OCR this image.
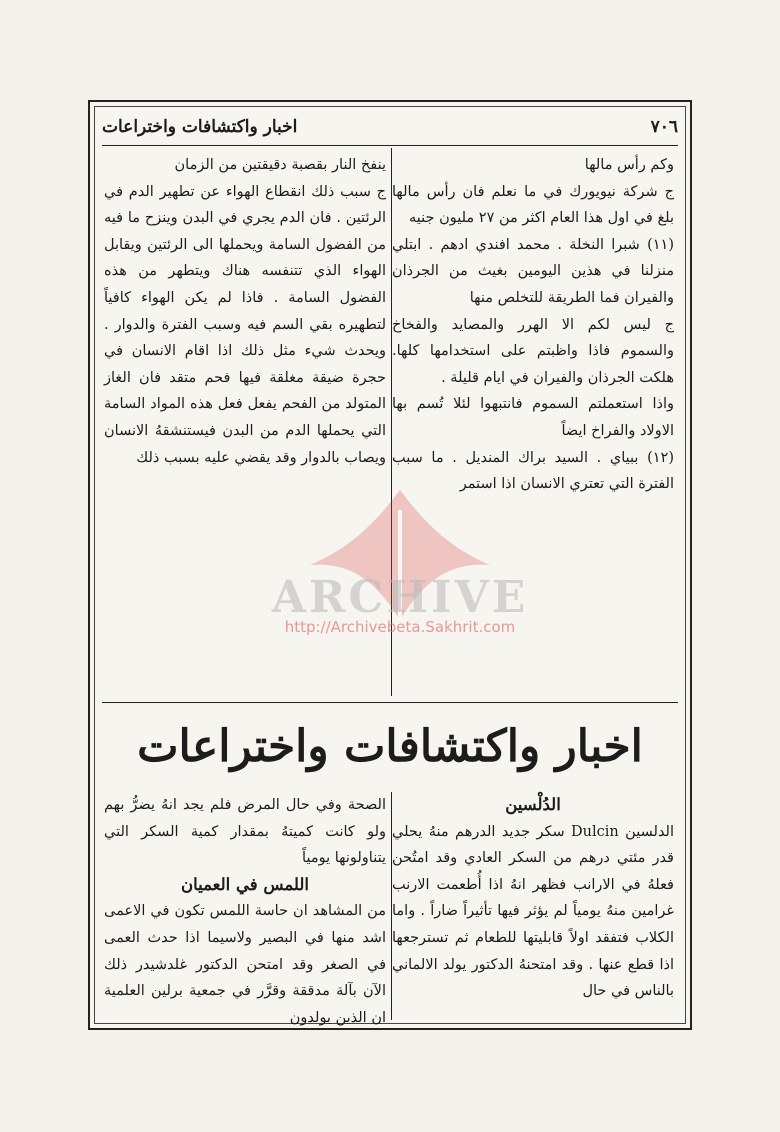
٧٠٦
اخبار واكتشافات واختراعات

وكم رأس مالها

ج شركة نيويورك في ما نعلم فان رأس مالها بلغ في اول هذا العام اكثر من ٢٧ مليون جنيه

(١١) شبرا النخلة . محمد افندي ادهم . ابتلي منزلنا في هذين اليومين بغيث من الجرذان والفيران فما الطريقة للتخلص منها

ج ليس لكم الا الهرر والمصايد والفخاخ والسموم فاذا واظبتم على استخدامها كلها. هلكت الجرذان والفيران في ايام قليلة .

واذا استعملتم السموم فانتبهوا لئلا تُسم بها الاولاد والفراخ ايضاً

(١٢) ببياي . السيد براك المنديل . ما سبب الفترة التي تعتري الانسان اذا استمر

ينفخ النار بقصبة دقيقتين من الزمان

ج سبب ذلك انقطاع الهواء عن تطهير الدم في الرئتين . فان الدم يجري في البدن وينزح ما فيه من الفضول السامة ويحملها الى الرئتين ويقابل الهواء الذي تتنفسه هناك ويتطهر من هذه الفضول السامة . فاذا لم يكن الهواء كافياً لتطهيره بقي السم فيه وسبب الفترة والدوار . ويحدث شيء مثل ذلك اذا اقام الانسان في حجرة ضيقة مغلقة فيها فحم متقد فان الغاز المتولد من الفحم يفعل فعل هذه المواد السامة التي يحملها الدم من البدن فيستنشقهُ الانسان ويصاب بالدوار وقد يقضي عليه بسبب ذلك

اخبار واكتشافات واختراعات

الدُلْسين

الدلسين Dulcin سكر جديد الدرهم منهُ يحلي قدر مئتي درهم من السكر العادي وقد امتُحن فعلهُ في الارانب فظهر انهُ اذا أُطعمت الارنب غرامين منهُ يومياً لم يؤثر فيها تأثيراً ضاراً . واما الكلاب فتفقد اولاً قابليتها للطعام ثم تسترجعها اذا قطع عنها . وقد امتحنهُ الدكتور يولد الالماني بالناس في حال

الصحة وفي حال المرض فلم يجد انهُ يضرُّ بهم ولو كانت كميتهُ بمقدار كمية السكر التي يتناولونها يومياً

اللمس في العميان

من المشاهد ان حاسة اللمس تكون في الاعمى اشد منها في البصير ولاسيما اذا حدث العمى في الصغر وقد امتحن الدكتور غلدشيدر ذلك الآن بآلة مدققة وقرَّر في جمعية برلين العلمية ان الذين يولدون

ARCHIVE
http://Archivebeta.Sakhrit.com
